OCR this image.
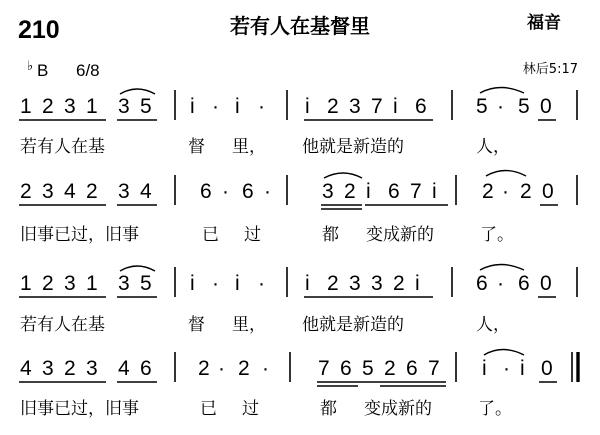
210	若有人在基督里	福音
♭ B 6/8	林后5:17
1 2 3 1 3 5 i · i · i 2 3 7 i 6 5 · 5 0
若有人在基	督 里， 他就是新造的	人，
2 3 4 2 3 4 6 · 6 · 3 2 i 6 7 i 2 · 2 0
旧事已过，旧事	已 过	都 变成新的	了。
1 2 3 1 3 5 i · i · i 2 3 3 2 i	6 · 6 0
若有人在基	督 里， 他就是新造的	人，
4 3 2 3 4 6 2 · 2 · 7 6 5 2 6 7 i · i 0
旧事已过，旧事	已 过	都 变成新的	了。
